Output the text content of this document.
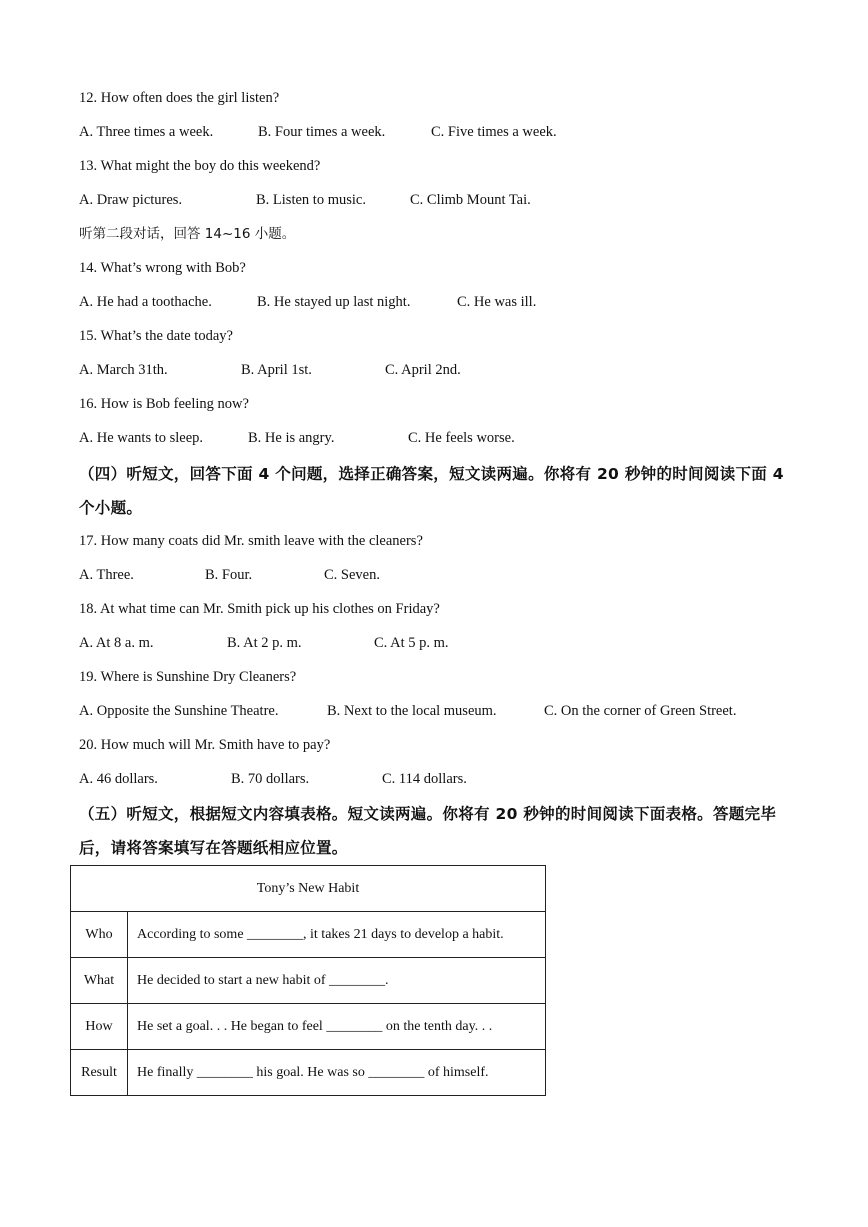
12. How often does the girl listen?
A. Three times a week.	B. Four times a week.	C. Five times a week.
13. What might the boy do this weekend?
A. Draw pictures.	B. Listen to music.	C. Climb Mount Tai.
听第二段对话，回答 14~16 小题。
14. What’s wrong with Bob?
A. He had a toothache.	B. He stayed up last night.	C. He was ill.
15. What’s the date today?
A. March 31th.	B. April 1st.	C. April 2nd.
16. How is Bob feeling now?
A. He wants to sleep.	B. He is angry.	C. He feels worse.
（四）听短文，回答下面 4 个问题，选择正确答案，短文读两遍。你将有 20 秒钟的时间阅读下面 4 个小题。
17. How many coats did Mr. smith leave with the cleaners?
A. Three.	B. Four.	C. Seven.
18. At what time can Mr. Smith pick up his clothes on Friday?
A. At 8 a. m.	B. At 2 p. m.	C. At 5 p. m.
19. Where is Sunshine Dry Cleaners?
A. Opposite the Sunshine Theatre.	B. Next to the local museum.	C. On the corner of Green Street.
20. How much will Mr. Smith have to pay?
A. 46 dollars.	B. 70 dollars.	C. 114 dollars.
（五）听短文，根据短文内容填表格。短文读两遍。你将有 20 秒钟的时间阅读下面表格。答题完毕后，请将答案填写在答题纸相应位置。
Tony’s New Habit	
Who	According to some ________, it takes 21 days to develop a habit.
What	He decided to start a new habit of ________.
How	He set a goal. . . He began to feel ________ on the tenth day. . .
Result	He finally ________ his goal. He was so ________ of himself.
